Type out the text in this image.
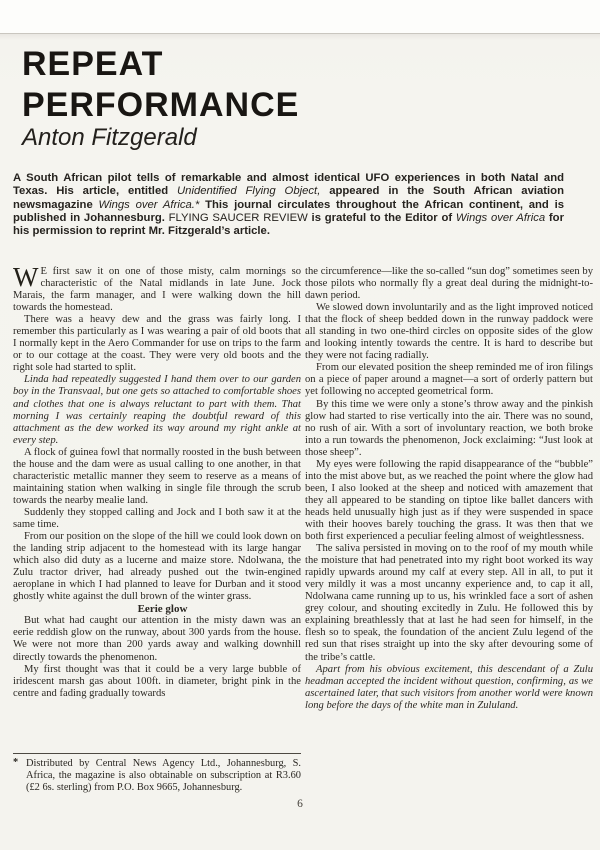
REPEAT
PERFORMANCE
Anton Fitzgerald
A South African pilot tells of remarkable and almost identical UFO experiences in both Natal and Texas. His article, entitled Unidentified Flying Object, appeared in the South African aviation newsmagazine Wings over Africa.* This journal circulates throughout the African continent, and is published in Johannesburg. FLYING SAUCER REVIEW is grateful to the Editor of Wings over Africa for his permission to reprint Mr. Fitzgerald’s article.

W E first saw it on one of those misty, calm mornings so characteristic of the Natal midlands in late June. Jock Marais, the farm manager, and I were walking down the hill towards the homestead.

There was a heavy dew and the grass was fairly long. I remember this particularly as I was wearing a pair of old boots that I normally kept in the Aero Commander for use on trips to the farm or to our cottage at the coast. They were very old boots and the right sole had started to split.

Linda had repeatedly suggested I hand them over to our garden boy in the Transvaal, but one gets so attached to comfortable shoes and clothes that one is always reluctant to part with them. That morning I was certainly reaping the doubtful reward of this attachment as the dew worked its way around my right ankle at every step.

A flock of guinea fowl that normally roosted in the bush between the house and the dam were as usual calling to one another, in that characteristic metallic manner they seem to reserve as a means of maintaining station when walking in single file through the scrub towards the nearby mealie land.

Suddenly they stopped calling and Jock and I both saw it at the same time.

From our position on the slope of the hill we could look down on the landing strip adjacent to the homestead with its large hangar which also did duty as a lucerne and maize store. Ndolwana, the Zulu tractor driver, had already pushed out the twin-engined aeroplane in which I had planned to leave for Durban and it stood ghostly white against the dull brown of the winter grass.

Eerie glow

But what had caught our attention in the misty dawn was an eerie reddish glow on the runway, about 300 yards from the house. We were not more than 200 yards away and walking downhill directly towards the phenomenon.

My first thought was that it could be a very large bubble of iridescent marsh gas about 100ft. in diameter, bright pink in the centre and fading gradually towards

the circumference—like the so-called “sun dog” sometimes seen by those pilots who normally fly a great deal during the midnight-to-dawn period.

We slowed down involuntarily and as the light improved noticed that the flock of sheep bedded down in the runway paddock were all standing in two one-third circles on opposite sides of the glow and looking intently towards the centre. It is hard to describe but they were not facing radially.

From our elevated position the sheep reminded me of iron filings on a piece of paper around a magnet—a sort of orderly pattern but yet following no accepted geometrical form.

By this time we were only a stone’s throw away and the pinkish glow had started to rise vertically into the air. There was no sound, no rush of air. With a sort of involuntary reaction, we both broke into a run towards the phenomenon, Jock exclaiming: “Just look at those sheep”.

My eyes were following the rapid disappearance of the “bubble” into the mist above but, as we reached the point where the glow had been, I also looked at the sheep and noticed with amazement that they all appeared to be standing on tiptoe like ballet dancers with heads held unusually high just as if they were suspended in space with their hooves barely touching the grass. It was then that we both first experienced a peculiar feeling almost of weightlessness.

The saliva persisted in moving on to the roof of my mouth while the moisture that had penetrated into my right boot worked its way rapidly upwards around my calf at every step. All in all, to put it very mildly it was a most uncanny experience and, to cap it all, Ndolwana came running up to us, his wrinkled face a sort of ashen grey colour, and shouting excitedly in Zulu. He followed this by explaining breathlessly that at last he had seen for himself, in the flesh so to speak, the foundation of the ancient Zulu legend of the red sun that rises straight up into the sky after devouring some of the tribe’s cattle.

Apart from his obvious excitement, this descendant of a Zulu headman accepted the incident without question, confirming, as we ascertained later, that such visitors from another world were known long before the days of the white man in Zululand.

* Distributed by Central News Agency Ltd., Johannesburg, S. Africa, the magazine is also obtainable on subscription at R3.60 (£2 6s. sterling) from P.O. Box 9665, Johannesburg.
6
